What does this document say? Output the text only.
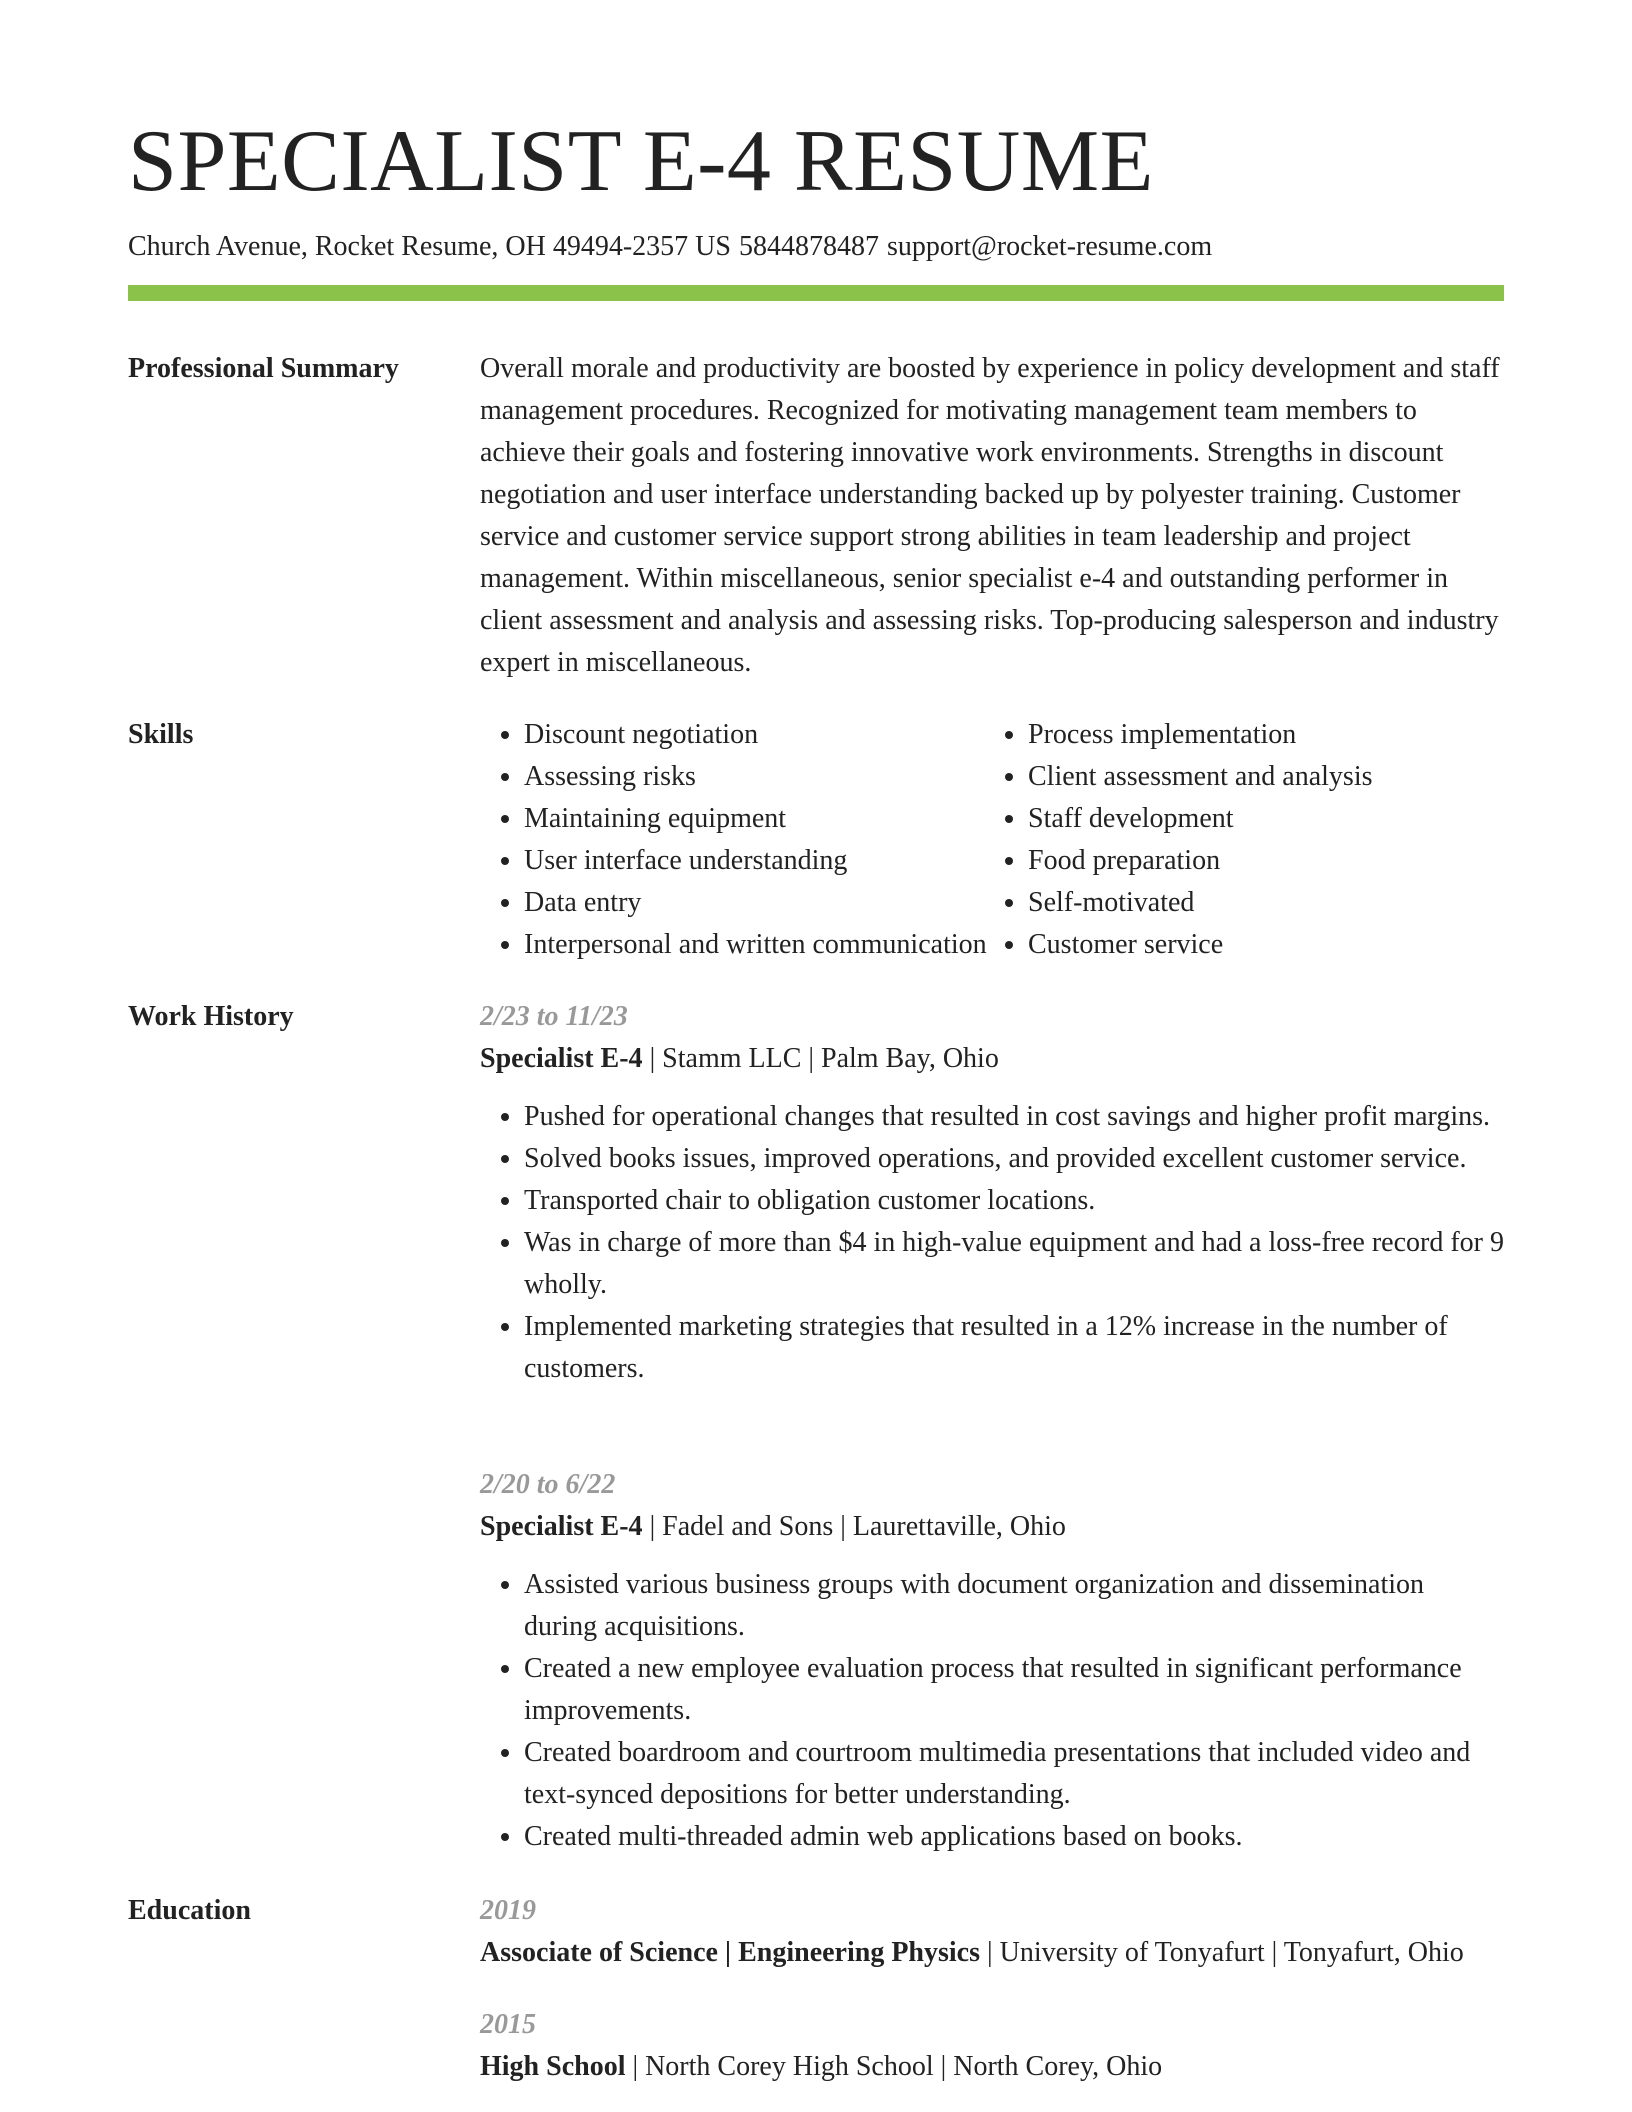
SPECIALIST E-4 RESUME
Church Avenue, Rocket Resume, OH 49494-2357 US 5844878487 support@rocket-resume.com
Professional Summary	Overall morale and productivity are boosted by experience in policy development and staff management procedures. Recognized for motivating management team members to achieve their goals and fostering innovative work environments. Strengths in discount negotiation and user interface understanding backed up by polyester training. Customer service and customer service support strong abilities in team leadership and project management. Within miscellaneous, senior specialist e-4 and outstanding performer in client assessment and analysis and assessing risks. Top-producing salesperson and industry expert in miscellaneous.

Skills
•	Discount negotiation
• Assessing risks
• Maintaining equipment
• User interface understanding
• Data entry
• Interpersonal and written communication
• Process implementation
• Client assessment and analysis
• Staff development
• Food preparation
• Self-motivated
• Customer service
Work History	2/23 to 11/23
Specialist E-4 | Stamm LLC | Palm Bay, Ohio
• Pushed for operational changes that resulted in cost savings and higher profit margins.
• Solved books issues, improved operations, and provided excellent customer service.
• Transported chair to obligation customer locations.
• Was in charge of more than $4 in high-value equipment and had a loss-free record for 9 wholly.
• Implemented marketing strategies that resulted in a 12% increase in the number of customers.
2/20 to 6/22
Specialist E-4 | Fadel and Sons | Laurettaville, Ohio
• Assisted various business groups with document organization and dissemination during acquisitions.
• Created a new employee evaluation process that resulted in significant performance improvements.
• Created boardroom and courtroom multimedia presentations that included video and text-synced depositions for better understanding.
• Created multi-threaded admin web applications based on books.
Education	2019
Associate of Science | Engineering Physics | University of Tonyafurt | Tonyafurt, Ohio
2015
High School | North Corey High School | North Corey, Ohio
